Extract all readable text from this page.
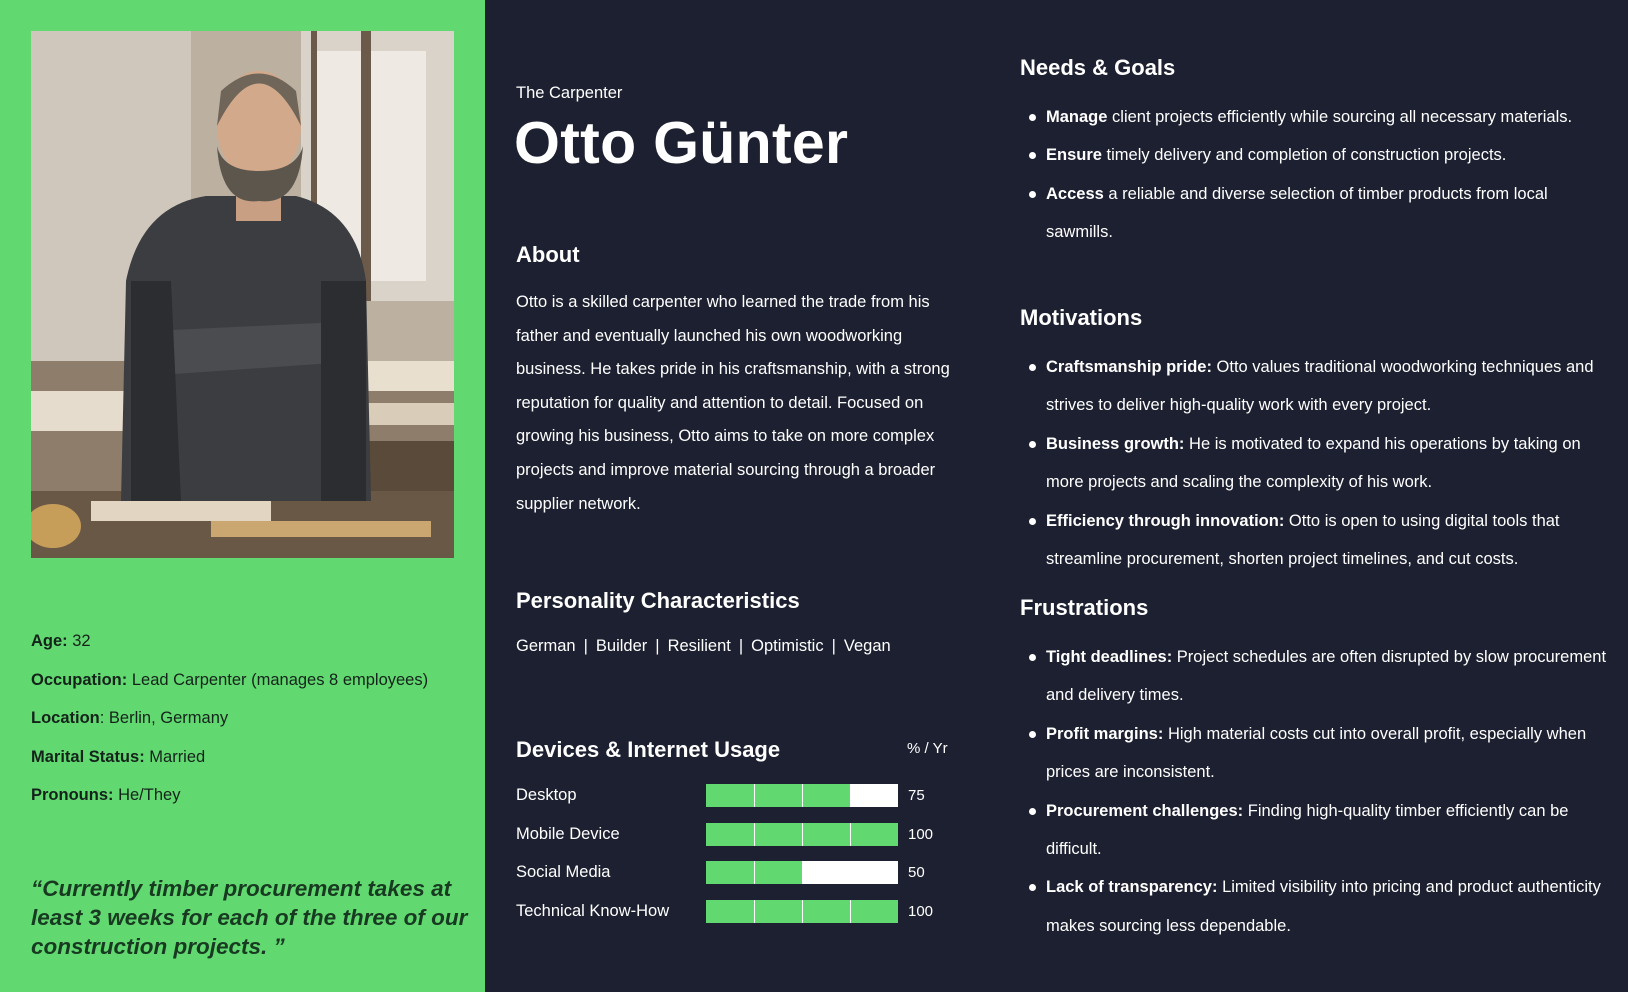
Age: 32
Occupation: Lead Carpenter (manages 8 employees)
Location: Berlin, Germany
Marital Status: Married
Pronouns: He/They
“Currently timber procurement takes at least 3 weeks for each of the three of our construction projects. ”
The Carpenter
Otto Günter
About
Otto is a skilled carpenter who learned the trade from his father and eventually launched his own woodworking business. He takes pride in his craftsmanship, with a strong reputation for quality and attention to detail. Focused on growing his business, Otto aims to take on more complex projects and improve material sourcing through a broader supplier network.
Personality Characteristics
German | Builder | Resilient | Optimistic | Vegan
Devices & Internet Usage	% / Yr
Desktop	75
Mobile Device	100
Social Media	50
Technical Know-How	100
Needs & Goals
Manage client projects efficiently while sourcing all necessary materials.
Ensure timely delivery and completion of construction projects.
Access a reliable and diverse selection of timber products from local sawmills.
Motivations
Craftsmanship pride: Otto values traditional woodworking techniques and strives to deliver high-quality work with every project.
Business growth: He is motivated to expand his operations by taking on more projects and scaling the complexity of his work.
Efficiency through innovation: Otto is open to using digital tools that streamline procurement, shorten project timelines, and cut costs.
Frustrations
Tight deadlines: Project schedules are often disrupted by slow procurement and delivery times.
Profit margins: High material costs cut into overall profit, especially when prices are inconsistent.
Procurement challenges: Finding high-quality timber efficiently can be difficult.
Lack of transparency: Limited visibility into pricing and product authenticity makes sourcing less dependable.
